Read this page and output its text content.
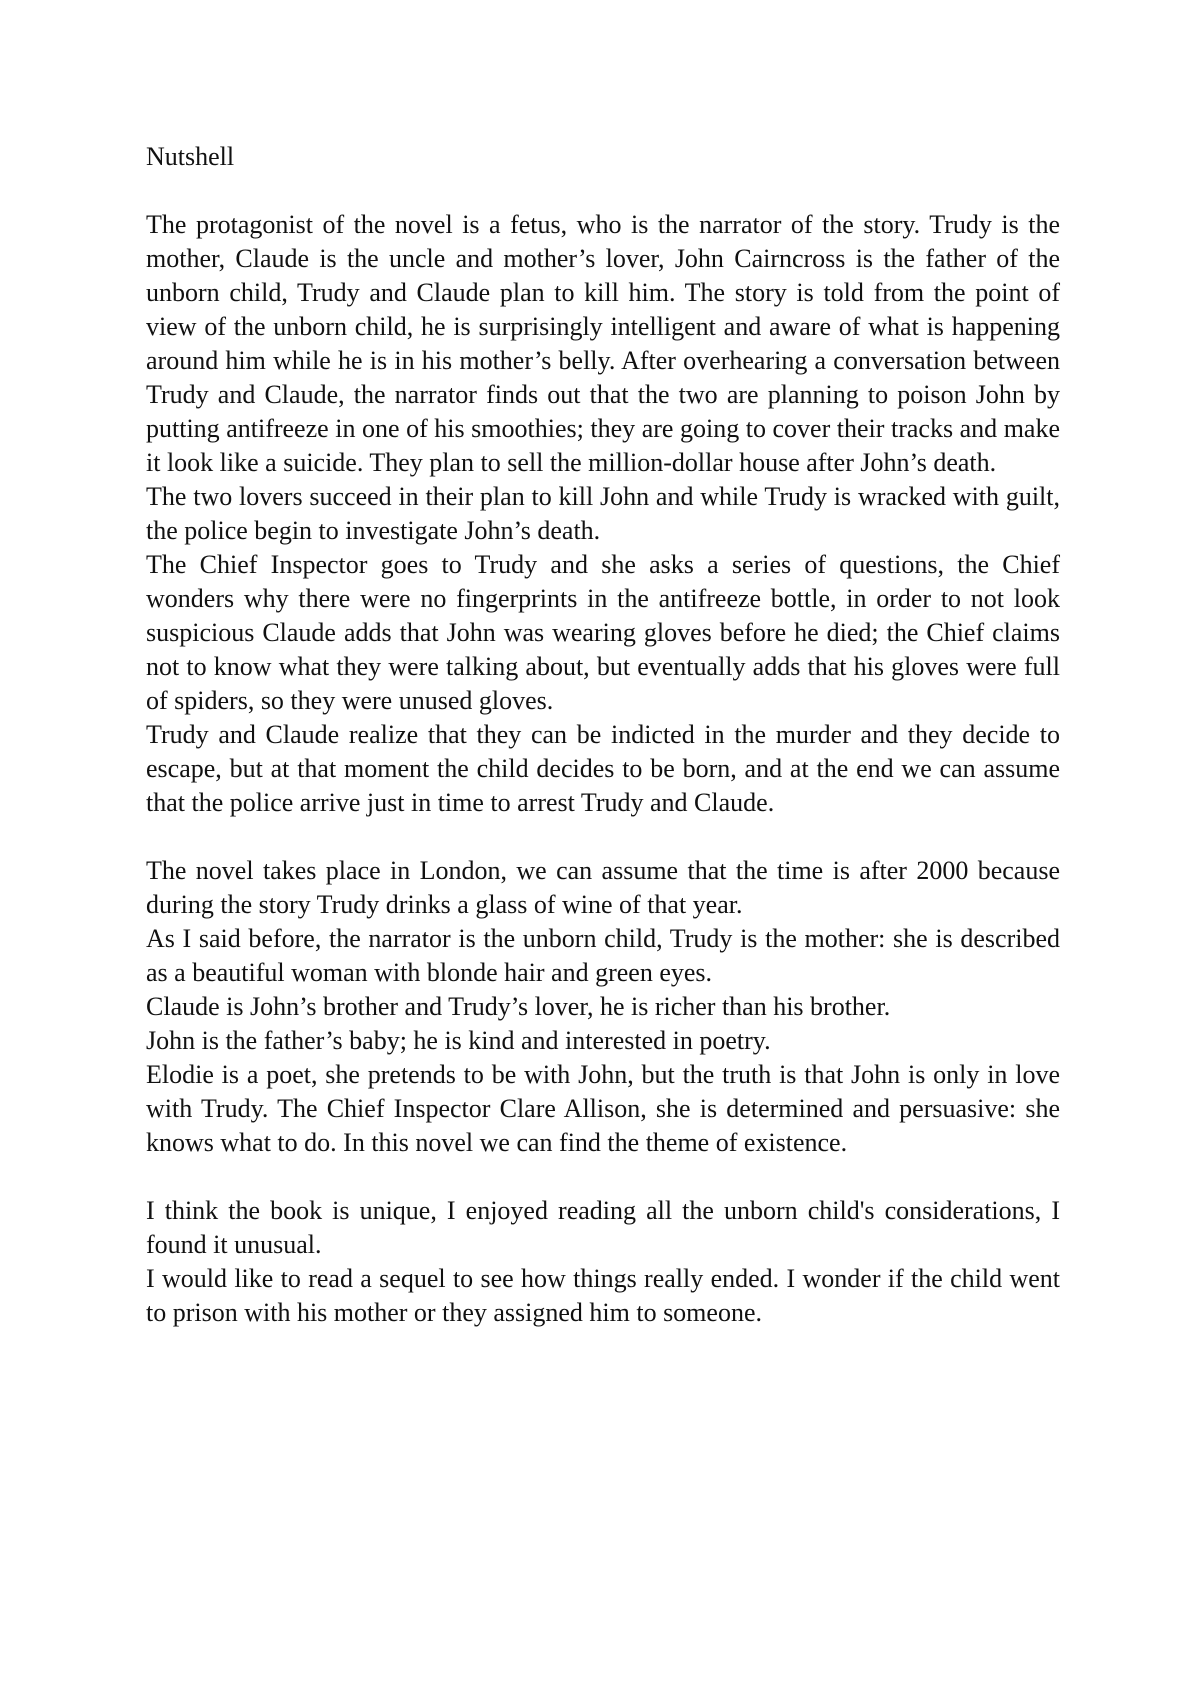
Nutshell

The protagonist of the novel is a fetus, who is the narrator of the story. Trudy is the mother, Claude is the uncle and mother’s lover, John Cairncross is the father of the unborn child, Trudy and Claude plan to kill him. The story is told from the point of view of the unborn child, he is surprisingly intelligent and aware of what is happening around him while he is in his mother’s belly. After overhearing a conversation between Trudy and Claude, the narrator finds out that the two are planning to poison John by putting antifreeze in one of his smoothies; they are going to cover their tracks and make it look like a suicide. They plan to sell the million-dollar house after John’s death.

The two lovers succeed in their plan to kill John and while Trudy is wracked with guilt, the police begin to investigate John’s death.

The Chief Inspector goes to Trudy and she asks a series of questions, the Chief wonders why there were no fingerprints in the antifreeze bottle, in order to not look suspicious Claude adds that John was wearing gloves before he died; the Chief claims not to know what they were talking about, but eventually adds that his gloves were full of spiders, so they were unused gloves.

Trudy and Claude realize that they can be indicted in the murder and they decide to escape, but at that moment the child decides to be born, and at the end we can assume that the police arrive just in time to arrest Trudy and Claude.

The novel takes place in London, we can assume that the time is after 2000 because during the story Trudy drinks a glass of wine of that year.

As I said before, the narrator is the unborn child, Trudy is the mother: she is described as a beautiful woman with blonde hair and green eyes.

Claude is John’s brother and Trudy’s lover, he is richer than his brother.

John is the father’s baby; he is kind and interested in poetry.

Elodie is a poet, she pretends to be with John, but the truth is that John is only in love with Trudy. The Chief Inspector Clare Allison, she is determined and persuasive: she knows what to do. In this novel we can find the theme of existence.

I think the book is unique, I enjoyed reading all the unborn child's considerations, I found it unusual.

I would like to read a sequel to see how things really ended. I wonder if the child went to prison with his mother or they assigned him to someone.
